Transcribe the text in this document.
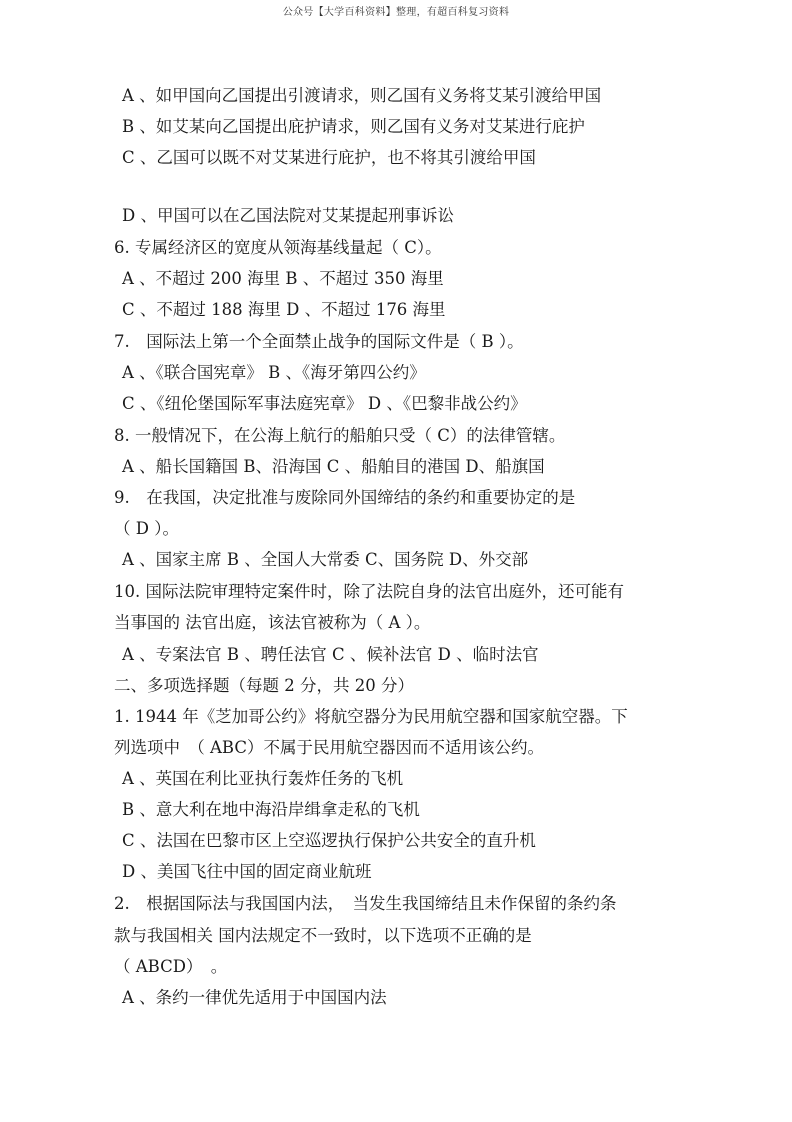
公众号【大学百科资料】整理，有超百科复习资料
A 、如甲国向乙国提出引渡请求，则乙国有义务将艾某引渡给甲国
B 、如艾某向乙国提出庇护请求，则乙国有义务对艾某进行庇护
C 、乙国可以既不对艾某进行庇护，也不将其引渡给甲国
D 、甲国可以在乙国法院对艾某提起刑事诉讼
6. 专属经济区的宽度从领海基线量起（ C）。
A 、不超过 200 海里 B 、不超过 350 海里
C 、不超过 188 海里 D 、不超过 176 海里
7.　国际法上第一个全面禁止战争的国际文件是（ B ）。
A 、《联合国宪章》 B 、《海牙第四公约》
C 、《纽伦堡国际军事法庭宪章》 D 、《巴黎非战公约》
8. 一般情况下，在公海上航行的船舶只受（ C）的法律管辖。
A 、船长国籍国 B、沿海国 C 、船舶目的港国 D、船旗国
9.　在我国，决定批准与废除同外国缔结的条约和重要协定的是
（ D ）。
A 、国家主席 B 、全国人大常委 C、国务院 D、外交部
10. 国际法院审理特定案件时，除了法院自身的法官出庭外，还可能有
当事国的 法官出庭，该法官被称为（ A ）。
A 、专案法官 B 、聘任法官 C 、候补法官 D 、临时法官
二、多项选择题（每题 2 分，共 20 分）
1. 1944 年《芝加哥公约》将航空器分为民用航空器和国家航空器。下
列选项中　（ ABC）不属于民用航空器因而不适用该公约。
A 、英国在利比亚执行轰炸任务的飞机
B 、意大利在地中海沿岸缉拿走私的飞机
C 、法国在巴黎市区上空巡逻执行保护公共安全的直升机
D 、美国飞往中国的固定商业航班
2.　根据国际法与我国国内法，　当发生我国缔结且未作保留的条约条
款与我国相关 国内法规定不一致时，以下选项不正确的是
（ ABCD）　。
A 、条约一律优先适用于中国国内法
